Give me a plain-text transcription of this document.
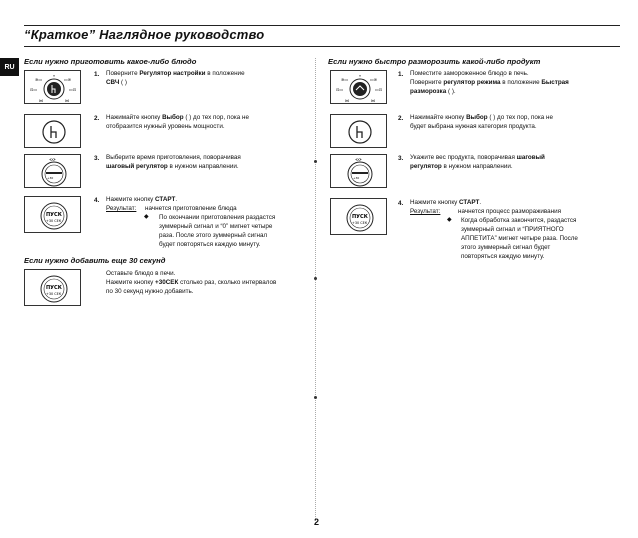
“Краткое” Наглядное руководство
RU
Если нужно приготовить какое-либо блюдо
≋▭	▭≋
⊡▭	▭⊡
⋈	⋈
▿	1. Поверните Регулятор настройки в положение
СВЧ ( )
2. Нажимайте кнопку Выбор ( ) до тех пор, пока не
отобразится нужный уровень мощности.
⟲⟳
+30
3. Выберите время приготовления, поворачивая
шаговый регулятор в нужном направлении.
ПУСК
+30 СЕК
4. Нажмите кнопку СТАРТ.
Результат: начнется приготовление блюда
◆ По окончании приготовления раздастся
зуммерный сигнал и “0” мигнет четыре
раза. После этого зуммерный сигнал
будет повторяться каждую минуту.
Если нужно добавить еще 30 секунд
ПУСК
+30 СЕК
Оставьте блюдо в печи.
Нажмите кнопку +30СЕК столько раз, сколько интервалов
по 30 секунд нужно добавить.
Если нужно быстро разморозить какой-либо продукт
≋▭	▭≋
⊡▭	▭⊡
⋈	⋈
▿	1. Поместите замороженное блюдо в печь.
Поверните регулятор режима в положение Быстрая
разморозка ( ).
2. Нажимайте кнопку Выбор ( ) до тех пор, пока не
будет выбрана нужная категория продукта.
⟲⟳
+30
3. Укажите вес продукта, поворачивая шаговый
регулятор в нужном направлении.
ПУСК
+30 СЕК
4. Нажмите кнопку СТАРТ.
Результат:	начнется процесс размораживания
◆ Когда обработка закончится, раздастся
зуммерный сигнал и “ПРИЯТНОГО
АППЕТИТА” мигнет четыре раза. После
этого зуммерный сигнал будет
повторяться каждую минуту.
2
